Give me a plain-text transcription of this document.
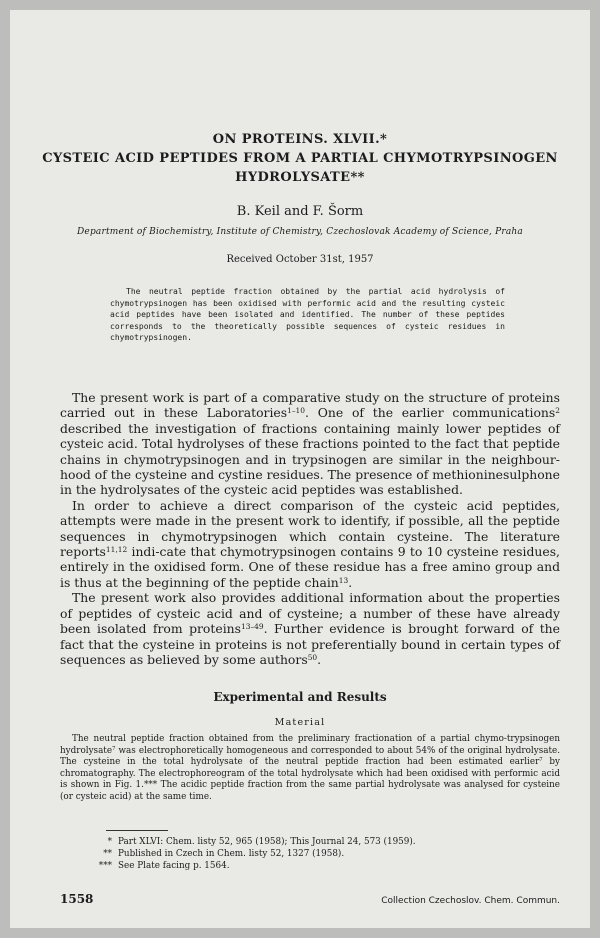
ON PROTEINS. XLVII.*
CYSTEIC ACID PEPTIDES FROM A PARTIAL CHYMOTRYPSINOGEN
HYDROLYSATE**
B. Keil and F. Šorm
Department of Biochemistry, Institute of Chemistry, Czechoslovak Academy of Science, Praha
Received October 31st, 1957

The neutral peptide fraction obtained by the partial acid hydrolysis of chymotrypsinogen has been oxidised with performic acid and the resulting cysteic acid peptides have been isolated and identified. The number of these peptides corresponds to the theoretically possible sequences of cysteic residues in chymotrypsinogen.

The present work is part of a comparative study on the structure of proteins carried out in these Laboratories$^{1-10}$. One of the earlier communications$^2$ described the investigation of fractions containing mainly lower peptides of cysteic acid. Total hydrolyses of these fractions pointed to the fact that peptide chains in chymotrypsinogen and in trypsinogen are similar in the neighbour-hood of the cysteine and cystine residues. The presence of methioninesulphone in the hydrolysates of the cysteic acid peptides was established.

In order to achieve a direct comparison of the cysteic acid peptides, attempts were made in the present work to identify, if possible, all the peptide sequences in chymotrypsinogen which contain cysteine. The literature reports$^{11,12}$ indi-cate that chymotrypsinogen contains 9 to 10 cysteine residues, entirely in the oxidised form. One of these residue has a free amino group and is thus at the beginning of the peptide chain$^{13}$.

The present work also provides additional information about the properties of peptides of cysteic acid and of cysteine; a number of these have already been isolated from proteins$^{13-49}$. Further evidence is brought forward of the fact that the cysteine in proteins is not preferentially bound in certain types of sequences as believed by some authors$^{50}$.

Experimental and Results
Material

The neutral peptide fraction obtained from the preliminary fractionation of a partial chymo-trypsinogen hydrolysate$^7$ was electrophoretically homogeneous and corresponded to about 54% of the original hydrolysate. The cysteine in the total hydrolysate of the neutral peptide fraction had been estimated earlier$^7$ by chromatography. The electrophoreogram of the total hydrolysate which had been oxidised with performic acid is shown in Fig. 1.*** The acidic peptide fraction from the same partial hydrolysate was analysed for cysteine (or cysteic acid) at the same time.

* Part XLVI: Chem. listy 52, 965 (1958); This Journal 24, 573 (1959).
** Published in Czech in Chem. listy 52, 1327 (1958).
*** See Plate facing p. 1564.
1558	Collection Czechoslov. Chem. Commun.
